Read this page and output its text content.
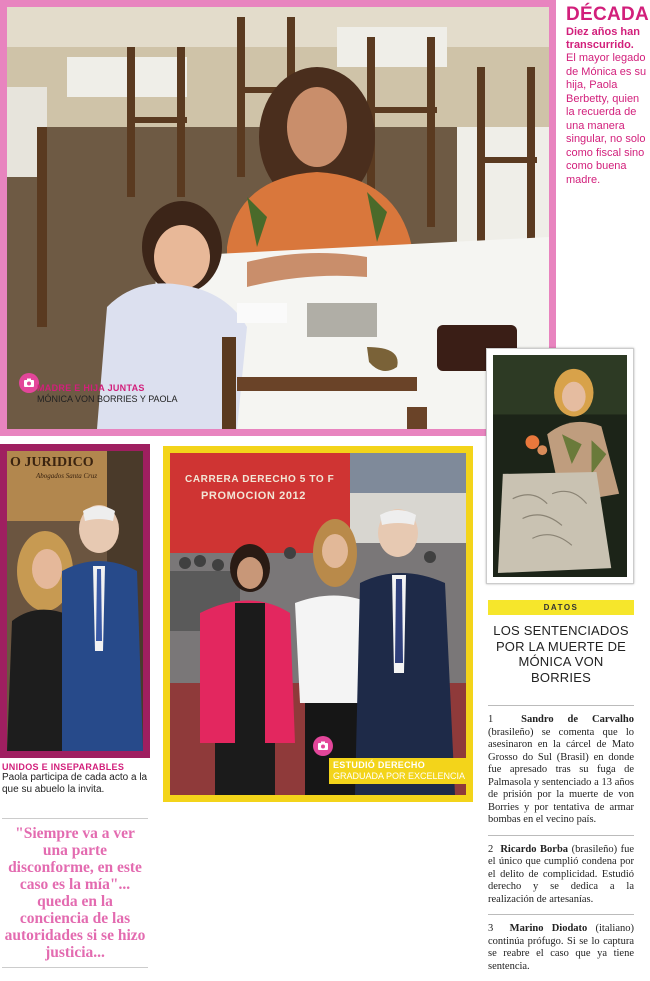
MADRE E HIJA JUNTAS
MÓNICA VON BORRIES Y PAOLA
DÉCADA
Diez años han transcurrido.
El mayor legado de Mónica es su hija, Paola Berbetty, quien la recuerda de una manera singular, no solo como fiscal sino como buena madre.
O JURIDICO
Abogados Santa Cruz
UNIDOS E INSEPARABLES
Paola participa de cada acto a la que su abuelo la invita.
CARRERA DERECHO 5 TO F
PROMOCION 2012
ESTUDIÓ DERECHO
GRADUADA POR EXCELENCIA

"Siempre va a ver una parte disconforme, en este caso es la mía"... queda en la conciencia de las autoridades si se hizo justicia...

DATOS
LOS SENTENCIADOS POR LA MUERTE DE MÓNICA VON BORRIES
1	Sandro de Carvalho (brasileño) se comenta que lo asesinaron en la cárcel de Mato Grosso do Sul (Brasil) en donde fue apresado tras su fuga de Palmasola y sentenciado a 13 años de prisión por la muerte de von Borries y por tentativa de armar bombas en el vecino país.
2 Ricardo Borba (brasileño) fue el único que cumplió condena por el delito de complicidad. Estudió derecho y se dedica a la realización de artesanías.
3 Marino Diodato (italiano) continúa prófugo. Si se lo captura se reabre el caso que ya tiene sentencia.
